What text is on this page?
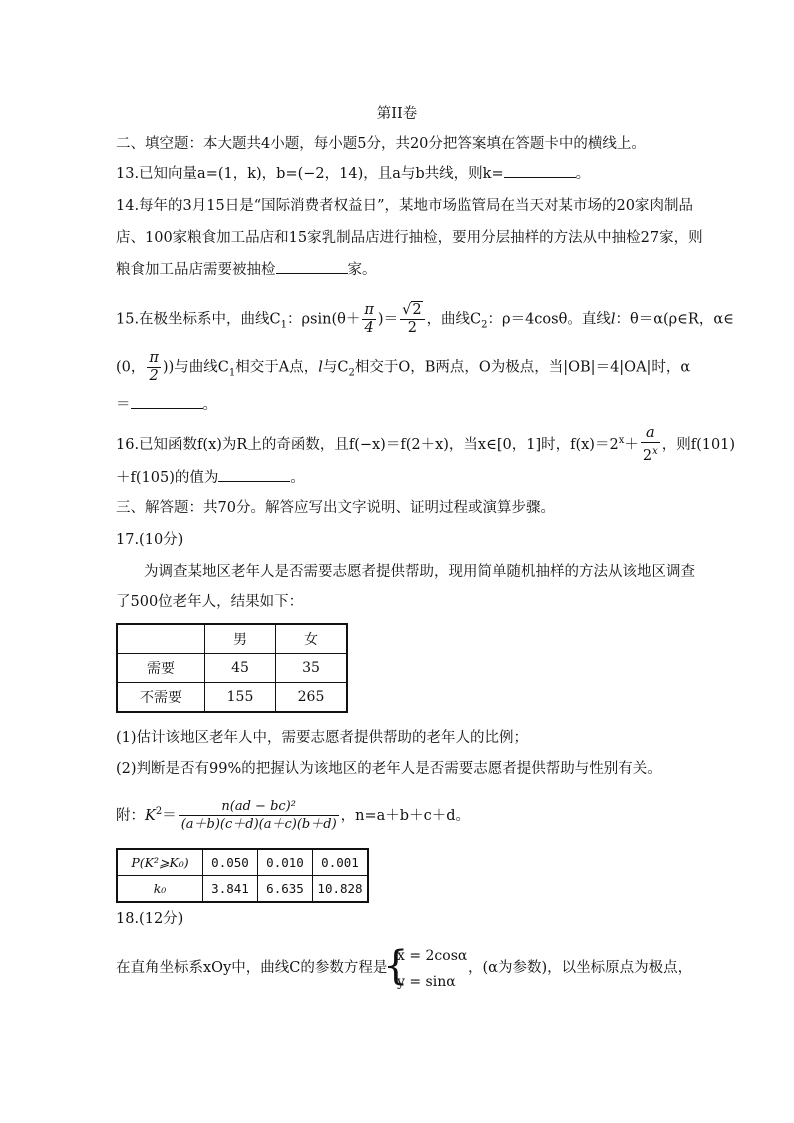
第II卷
二、填空题：本大题共4小题，每小题5分，共20分把答案填在答题卡中的横线上。
13.已知向量a=(1，k)，b=(−2，14)，且a与b共线，则k=	。
14.每年的3月15日是“国际消费者权益日”，某地市场监管局在当天对某市场的20家肉制品
店、100家粮食加工品店和15家乳制品店进行抽检，要用分层抽样的方法从中抽检27家，则
粮食加工品店需要被抽检	家。
15.在极坐标系中，曲线$C_1$：$\rho\sin(\theta+ \frac{\pi}{4}$ )＝ $\frac{√2}{2}$ ，曲线$C_2$：ρ＝4cosθ。直线l：θ＝α(ρ∈R，α∈
(0， $\frac{\pi}{2}$ ))与曲线$C_1$相交于A点，l与$C_2$相交于O，B两点，O为极点，当|OB|＝4|OA|时，α
＝	。
16.已知函数f(x)为R上的奇函数，且f(−x)＝f(2＋x)，当x∈[0，1]时，$f(x)=2^x+ \frac{a}{2^x}$ ，则f(101)
＋f(105)的值为	。
三、解答题：共70分。解答应写出文字说明、证明过程或演算步骤。
17.(10分)
为调查某地区老年人是否需要志愿者提供帮助，现用简单随机抽样的方法从该地区调查
了500位老年人，结果如下：
	男	女
需要	45	35
不需要	155	265
(1)估计该地区老年人中，需要志愿者提供帮助的老年人的比例；
(2)判断是否有99%的把握认为该地区的老年人是否需要志愿者提供帮助与性别有关。
附：$K^2= \frac{\text{n(ad − bc)²}}{(a+b)(c+d)(a+c)(b+d)}$ ，n=a＋b＋c＋d。
P(K²⩾K₀)	0.050	0.010	0.001
k₀	3.841	6.635	10.828
18.(12分)
在直角坐标系xOy中，曲线C的参数方程是
{
x = 2cosα
y = sinα
，(α为参数)，以坐标原点为极点，
